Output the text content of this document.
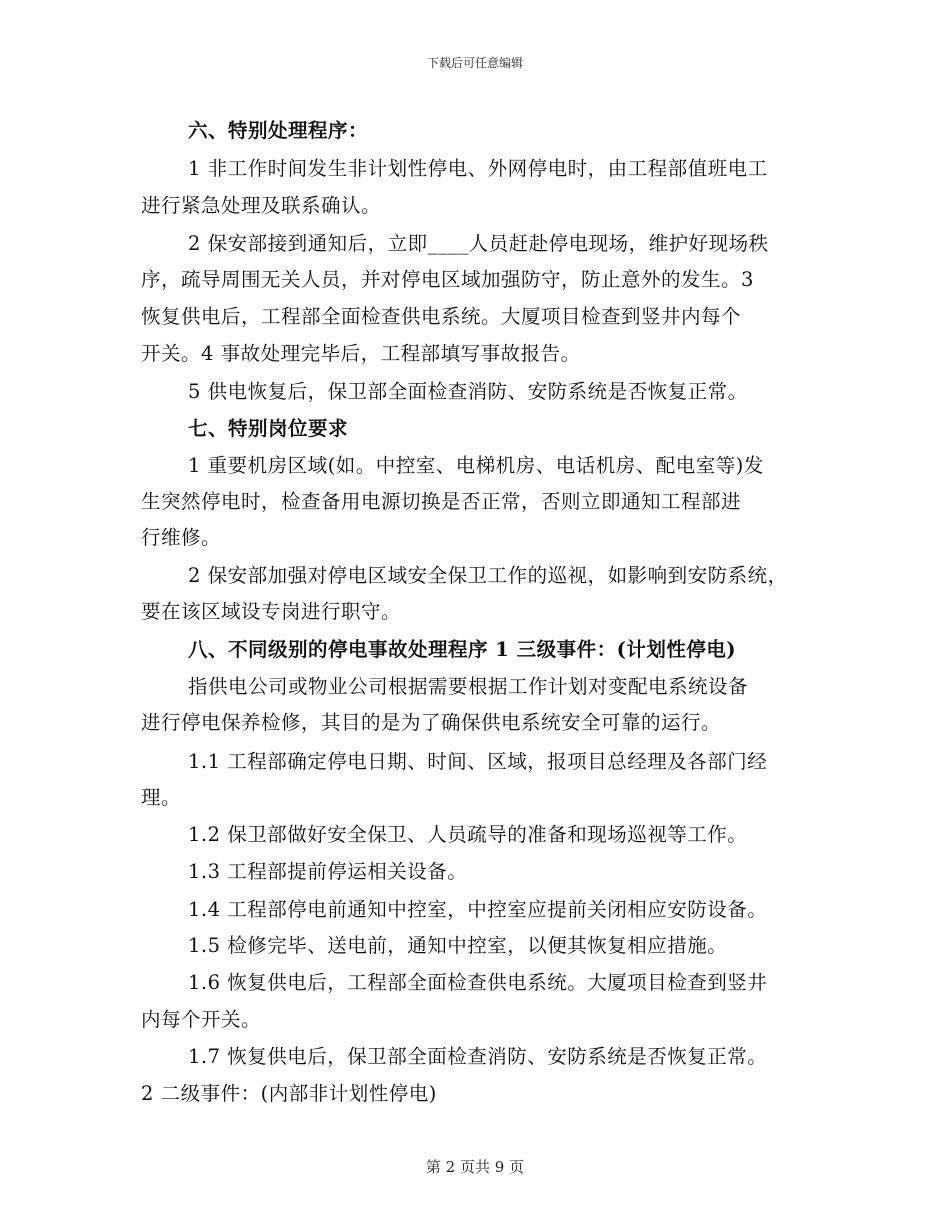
下载后可任意编辑
六、特别处理程序：
1 非工作时间发生非计划性停电、外网停电时，由工程部值班电工
进行紧急处理及联系确认。
2 保安部接到通知后，立即____人员赶赴停电现场，维护好现场秩
序，疏导周围无关人员，并对停电区域加强防守，防止意外的发生。3
恢复供电后，工程部全面检查供电系统。大厦项目检查到竖井内每个
开关。4 事故处理完毕后，工程部填写事故报告。
5 供电恢复后，保卫部全面检查消防、安防系统是否恢复正常。
七、特别岗位要求
1 重要机房区域(如。中控室、电梯机房、电话机房、配电室等)发
生突然停电时，检查备用电源切换是否正常，否则立即通知工程部进
行维修。
2 保安部加强对停电区域安全保卫工作的巡视，如影响到安防系统，
要在该区域设专岗进行职守。
八、不同级别的停电事故处理程序 1 三级事件：(计划性停电)
指供电公司或物业公司根据需要根据工作计划对变配电系统设备
进行停电保养检修，其目的是为了确保供电系统安全可靠的运行。
1.1 工程部确定停电日期、时间、区域，报项目总经理及各部门经
理。
1.2 保卫部做好安全保卫、人员疏导的准备和现场巡视等工作。
1.3 工程部提前停运相关设备。
1.4 工程部停电前通知中控室，中控室应提前关闭相应安防设备。
1.5 检修完毕、送电前，通知中控室，以便其恢复相应措施。
1.6 恢复供电后，工程部全面检查供电系统。大厦项目检查到竖井
内每个开关。
1.7 恢复供电后，保卫部全面检查消防、安防系统是否恢复正常。
2 二级事件：(内部非计划性停电)
第 2 页共 9 页
